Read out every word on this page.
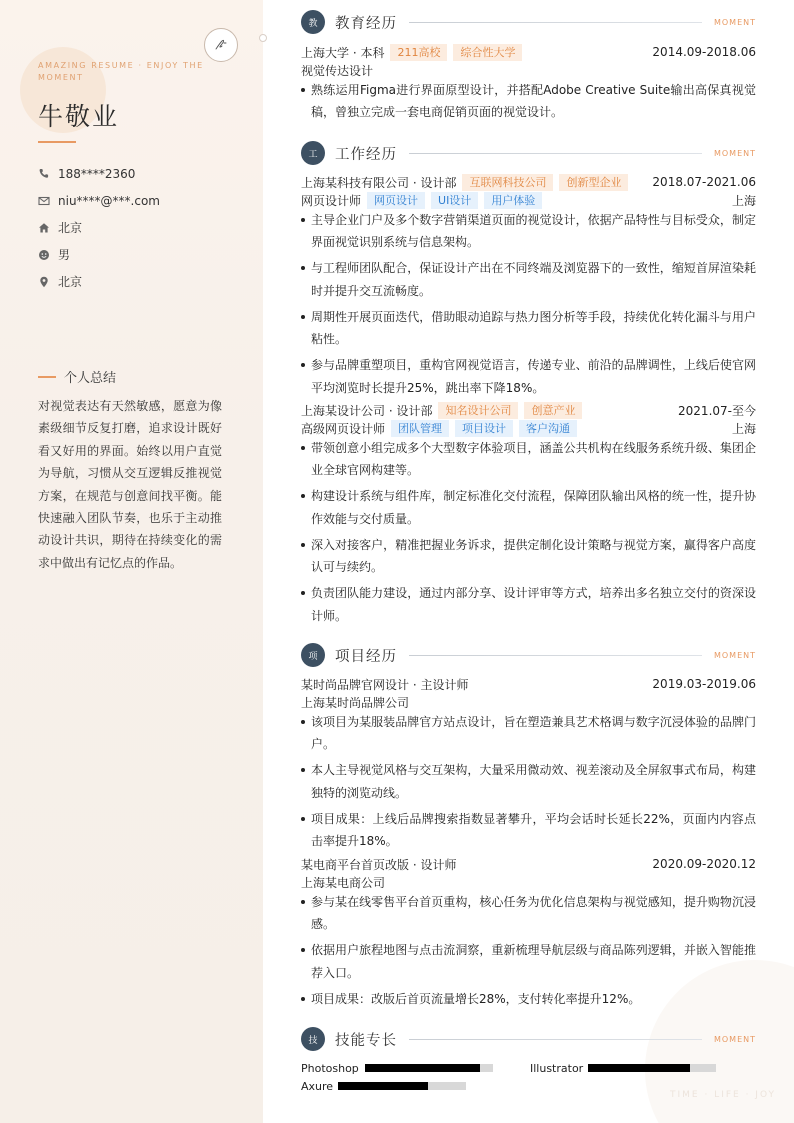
AMAZING RESUME · ENJOY THE MOMENT
牛敬业
188****2360
niu****@***.com
北京
男
北京
个人总结
对视觉表达有天然敏感，愿意为像素级细节反复打磨，追求设计既好看又好用的界面。始终以用户直觉为导航，习惯从交互逻辑反推视觉方案，在规范与创意间找平衡。能快速融入团队节奏，也乐于主动推动设计共识，期待在持续变化的需求中做出有记忆点的作品。
TIME · LIFE · JOY
教	教育经历	MOMENT
上海大学 · 本科	211高校	综合性大学	2014.09-2018.06
视觉传达设计
熟练运用Figma进行界面原型设计，并搭配Adobe Creative Suite输出高保真视觉稿，曾独立完成一套电商促销页面的视觉设计。
工	工作经历	MOMENT
上海某科技有限公司 · 设计部	互联网科技公司	创新型企业	2018.07-2021.06
网页设计师	网页设计	UI设计	用户体验	上海
主导企业门户及多个数字营销渠道页面的视觉设计，依据产品特性与目标受众，制定界面视觉识别系统与信息架构。
与工程师团队配合，保证设计产出在不同终端及浏览器下的一致性，缩短首屏渲染耗时并提升交互流畅度。
周期性开展页面迭代，借助眼动追踪与热力图分析等手段，持续优化转化漏斗与用户粘性。
参与品牌重塑项目，重构官网视觉语言，传递专业、前沿的品牌调性，上线后使官网平均浏览时长提升25%，跳出率下降18%。
上海某设计公司 · 设计部	知名设计公司	创意产业	2021.07-至今
高级网页设计师	团队管理	项目设计	客户沟通	上海
带领创意小组完成多个大型数字体验项目，涵盖公共机构在线服务系统升级、集团企业全球官网构建等。
构建设计系统与组件库，制定标准化交付流程，保障团队输出风格的统一性，提升协作效能与交付质量。
深入对接客户，精准把握业务诉求，提供定制化设计策略与视觉方案，赢得客户高度认可与续约。
负责团队能力建设，通过内部分享、设计评审等方式，培养出多名独立交付的资深设计师。
项	项目经历	MOMENT
某时尚品牌官网设计 · 主设计师	2019.03-2019.06
上海某时尚品牌公司
该项目为某服装品牌官方站点设计，旨在塑造兼具艺术格调与数字沉浸体验的品牌门户。
本人主导视觉风格与交互架构，大量采用微动效、视差滚动及全屏叙事式布局，构建独特的浏览动线。
项目成果：上线后品牌搜索指数显著攀升，平均会话时长延长22%，页面内内容点击率提升18%。
某电商平台首页改版 · 设计师	2020.09-2020.12
上海某电商公司
参与某在线零售平台首页重构，核心任务为优化信息架构与视觉感知，提升购物沉浸感。
依据用户旅程地图与点击流洞察，重新梳理导航层级与商品陈列逻辑，并嵌入智能推荐入口。
项目成果：改版后首页流量增长28%，支付转化率提升12%。
技	技能专长	MOMENT
Photoshop	Illustrator
Axure
